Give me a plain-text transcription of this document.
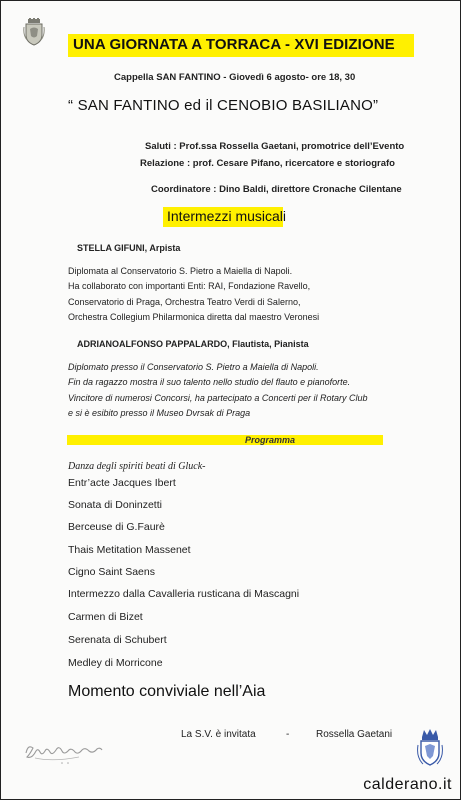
UNA GIORNATA A TORRACA - XVI EDIZIONE
Cappella SAN FANTINO - Giovedì 6 agosto- ore 18, 30
“ SAN FANTINO ed il CENOBIO BASILIANO”
Saluti : Prof.ssa Rossella Gaetani, promotrice dell’Evento
Relazione : prof. Cesare Pifano, ricercatore e storiografo
Coordinatore : Dino Baldi, direttore Cronache Cilentane
Intermezzi musicali
STELLA GIFUNI, Arpista
Diplomata al Conservatorio S. Pietro a Maiella di Napoli.
Ha collaborato con importanti Enti: RAI, Fondazione Ravello,
Conservatorio di Praga, Orchestra Teatro Verdi di Salerno,
Orchestra Collegium Philarmonica diretta dal maestro Veronesi
ADRIANOALFONSO PAPPALARDO, Flautista, Pianista
Diplomato presso il Conservatorio S. Pietro a Maiella di Napoli.
Fin da ragazzo mostra il suo talento nello studio del flauto e pianoforte.
Vincitore di numerosi Concorsi, ha partecipato a Concerti per il Rotary Club
e si è esibito presso il Museo Dvrsak di Praga
Programma
Danza degli spiriti beati di Gluck-
Entr’acte Jacques Ibert
Sonata di Doninzetti
Berceuse di G.Faurè
Thais Metitation Massenet
Cigno Saint Saens
Intermezzo dalla Cavalleria rusticana di Mascagni
Carmen di Bizet
Serenata di Schubert
Medley di Morricone
Momento conviviale nell’Aia
La S.V. è invitata	-	Rossella Gaetani
calderano.it
